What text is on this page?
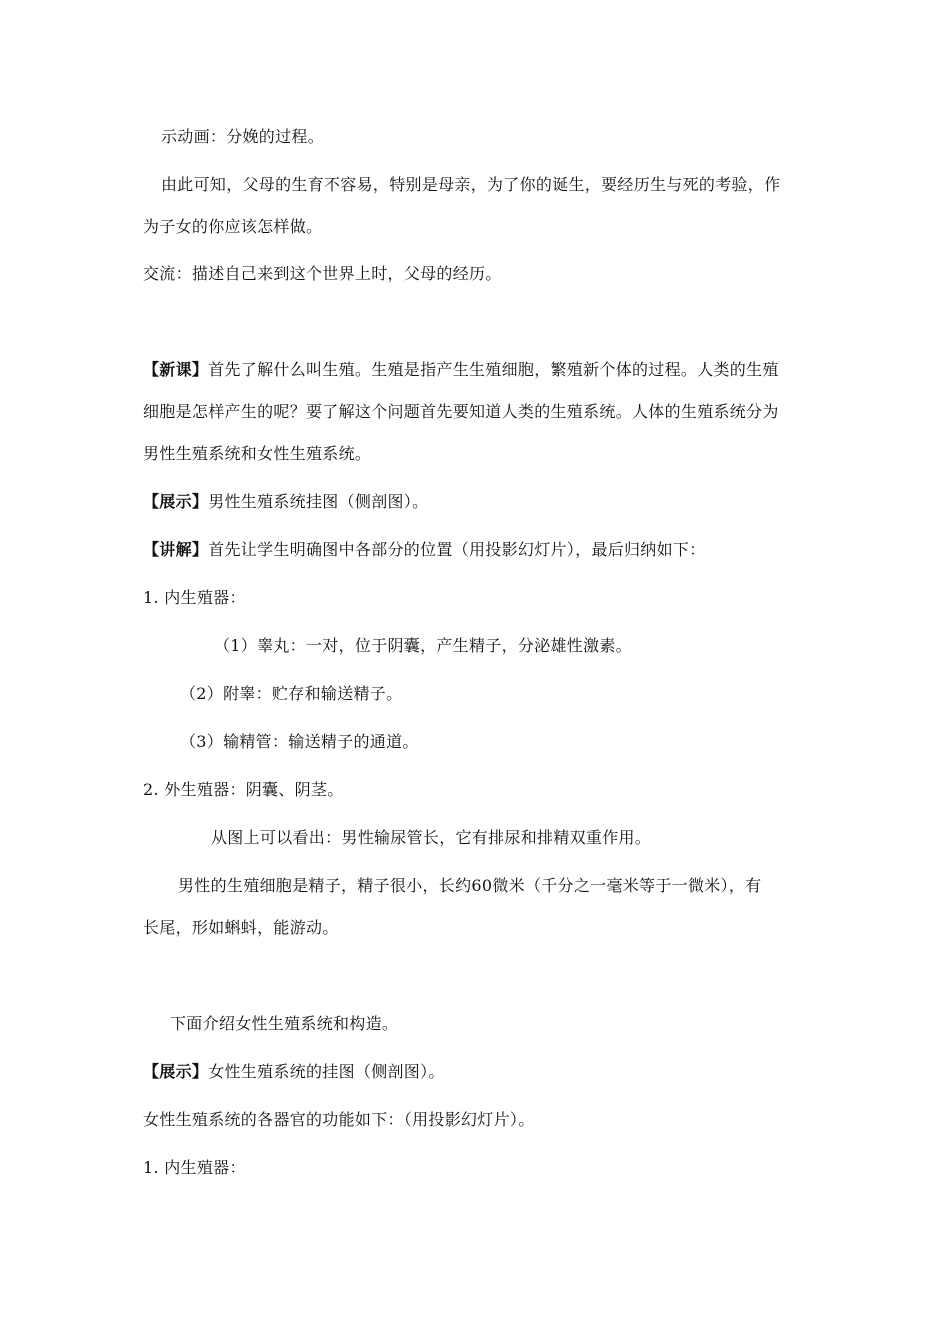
示动画：分娩的过程。
由此可知，父母的生育不容易，特别是母亲，为了你的诞生，要经历生与死的考验，作
为子女的你应该怎样做。
交流：描述自己来到这个世界上时，父母的经历。
【新课】首先了解什么叫生殖。生殖是指产生生殖细胞，繁殖新个体的过程。人类的生殖
细胞是怎样产生的呢？要了解这个问题首先要知道人类的生殖系统。人体的生殖系统分为
男性生殖系统和女性生殖系统。
【展示】男性生殖系统挂图（侧剖图）。
【讲解】首先让学生明确图中各部分的位置（用投影幻灯片），最后归纳如下：
1. 内生殖器：
（1）睾丸：一对，位于阴囊，产生精子，分泌雄性激素。
（2）附睾：贮存和输送精子。
（3）输精管：输送精子的通道。
2. 外生殖器：阴囊、阴茎。
从图上可以看出：男性输尿管长，它有排尿和排精双重作用。
男性的生殖细胞是精子，精子很小，长约60微米（千分之一毫米等于一微米），有
长尾，形如蝌蚪，能游动。
下面介绍女性生殖系统和构造。
【展示】女性生殖系统的挂图（侧剖图）。
女性生殖系统的各器官的功能如下：（用投影幻灯片）。
1. 内生殖器：
